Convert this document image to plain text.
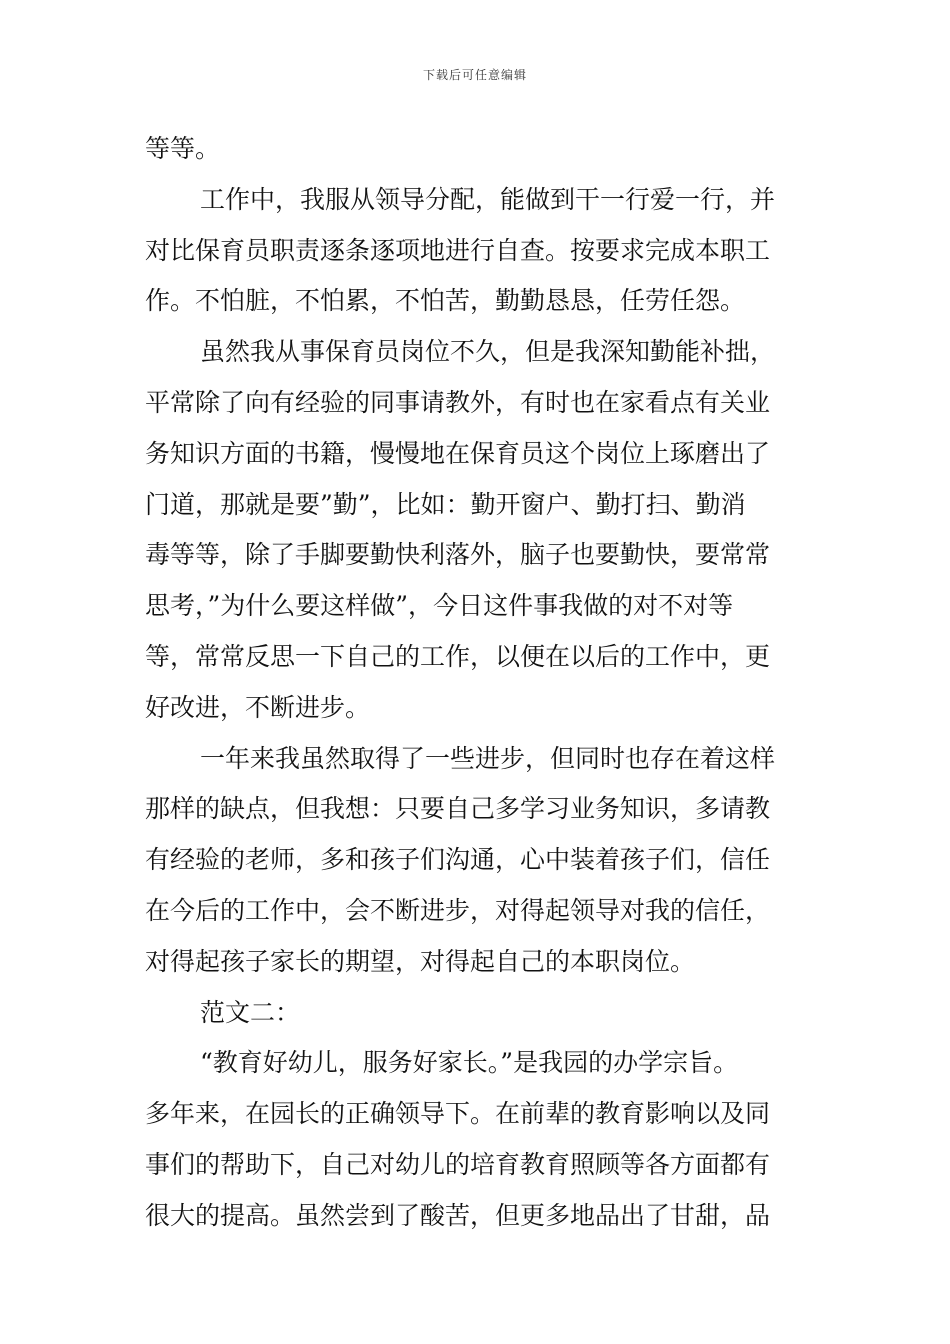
下载后可任意编辑
等等。
工作中，我服从领导分配，能做到干一行爱一行，并
对比保育员职责逐条逐项地进行自查。按要求完成本职工
作。不怕脏，不怕累，不怕苦，勤勤恳恳，任劳任怨。
虽然我从事保育员岗位不久，但是我深知勤能补拙，
平常除了向有经验的同事请教外，有时也在家看点有关业
务知识方面的书籍，慢慢地在保育员这个岗位上琢磨出了
门道，那就是要”勤”，比如：勤开窗户、勤打扫、勤消
毒等等，除了手脚要勤快利落外，脑子也要勤快，要常常
思考，”为什么要这样做”，今日这件事我做的对不对等
等，常常反思一下自己的工作，以便在以后的工作中，更
好改进，不断进步。
一年来我虽然取得了一些进步，但同时也存在着这样
那样的缺点，但我想：只要自己多学习业务知识，多请教
有经验的老师，多和孩子们沟通，心中装着孩子们，信任
在今后的工作中，会不断进步，对得起领导对我的信任，
对得起孩子家长的期望，对得起自己的本职岗位。
范文二：
“教育好幼儿，服务好家长。”是我园的办学宗旨。
多年来，在园长的正确领导下。在前辈的教育影响以及同
事们的帮助下，自己对幼儿的培育教育照顾等各方面都有
很大的提高。虽然尝到了酸苦，但更多地品出了甘甜，品
